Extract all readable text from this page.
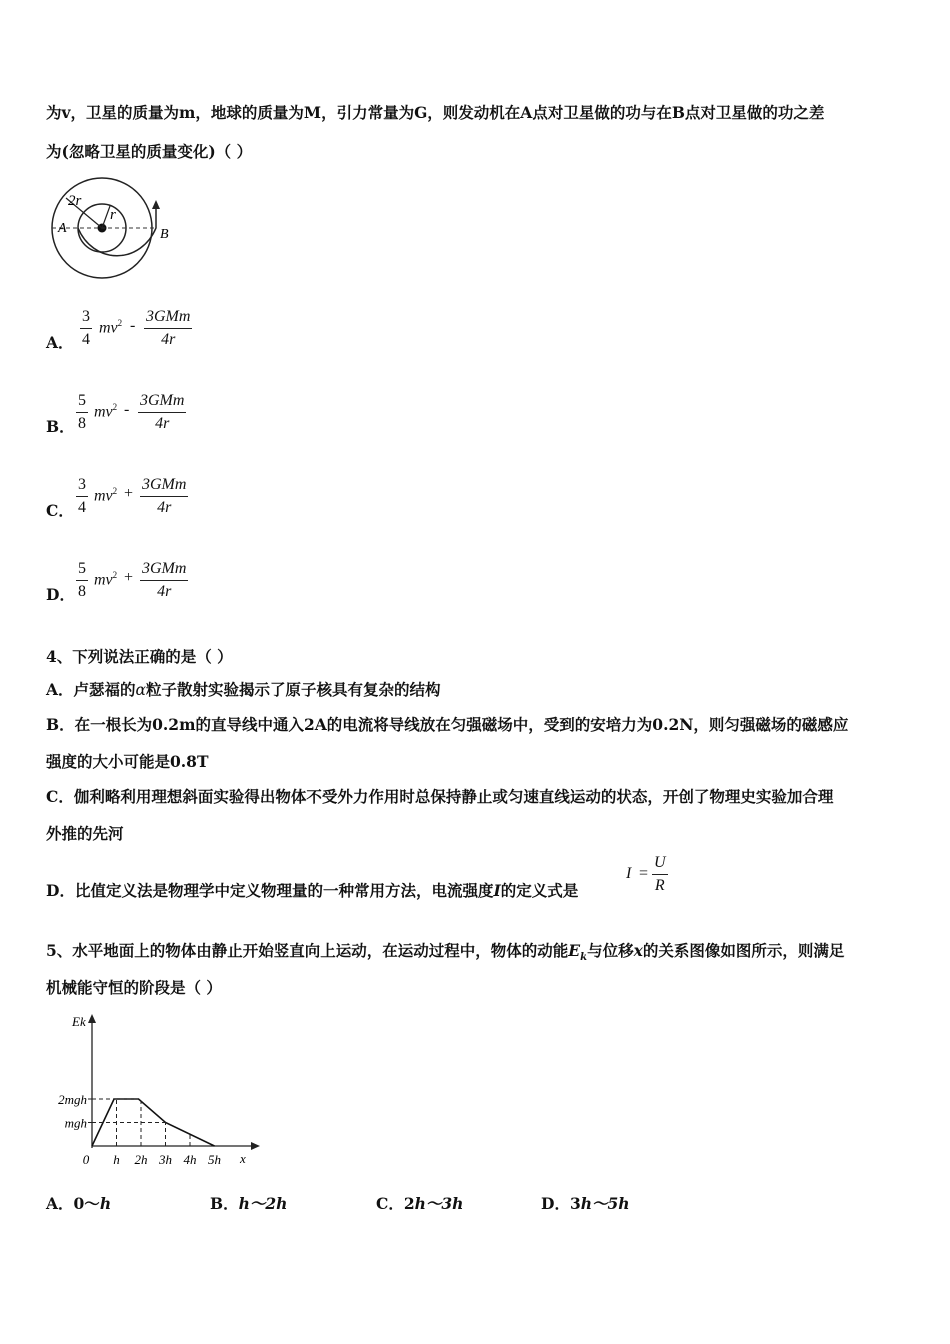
为v，卫星的质量为m，地球的质量为M，引力常量为G，则发动机在A点对卫星做的功与在B点对卫星做的功之差
为(忽略卫星的质量变化)（ ）
2r
r
A	B
A． $\frac{3}{4} mv^2$ -
3GMm
4r
B． $\frac{5}{8} mv^2$ -
3GMm
4r
C． $\frac{3}{4} mv^2$ +
3GMm
4r
D． $\frac{5}{8} mv^2$ +
3GMm
4r
4、下列说法正确的是（ ）
A．卢瑟福的α粒子散射实验揭示了原子核具有复杂的结构
B．在一根长为0.2m的直导线中通入2A的电流将导线放在匀强磁场中，受到的安培力为0.2N，则匀强磁场的磁感应
强度的大小可能是0.8T
C．伽利略利用理想斜面实验得出物体不受外力作用时总保持静止或匀速直线运动的状态，开创了物理史实验加合理
外推的先河
D．比值定义法是物理学中定义物理量的一种常用方法，电流强度I的定义式是
$I = \frac{U}{R}$
5、水平地面上的物体由静止开始竖直向上运动，在运动过程中，物体的动能$E_k$与位移x的关系图像如图所示，则满足
机械能守恒的阶段是（ ）
Ek
x
mgh
2mgh
0 h 2h 3h 4h 5h
A．0～h	B．h～2h	C．2h～3h	D．3h～5h
